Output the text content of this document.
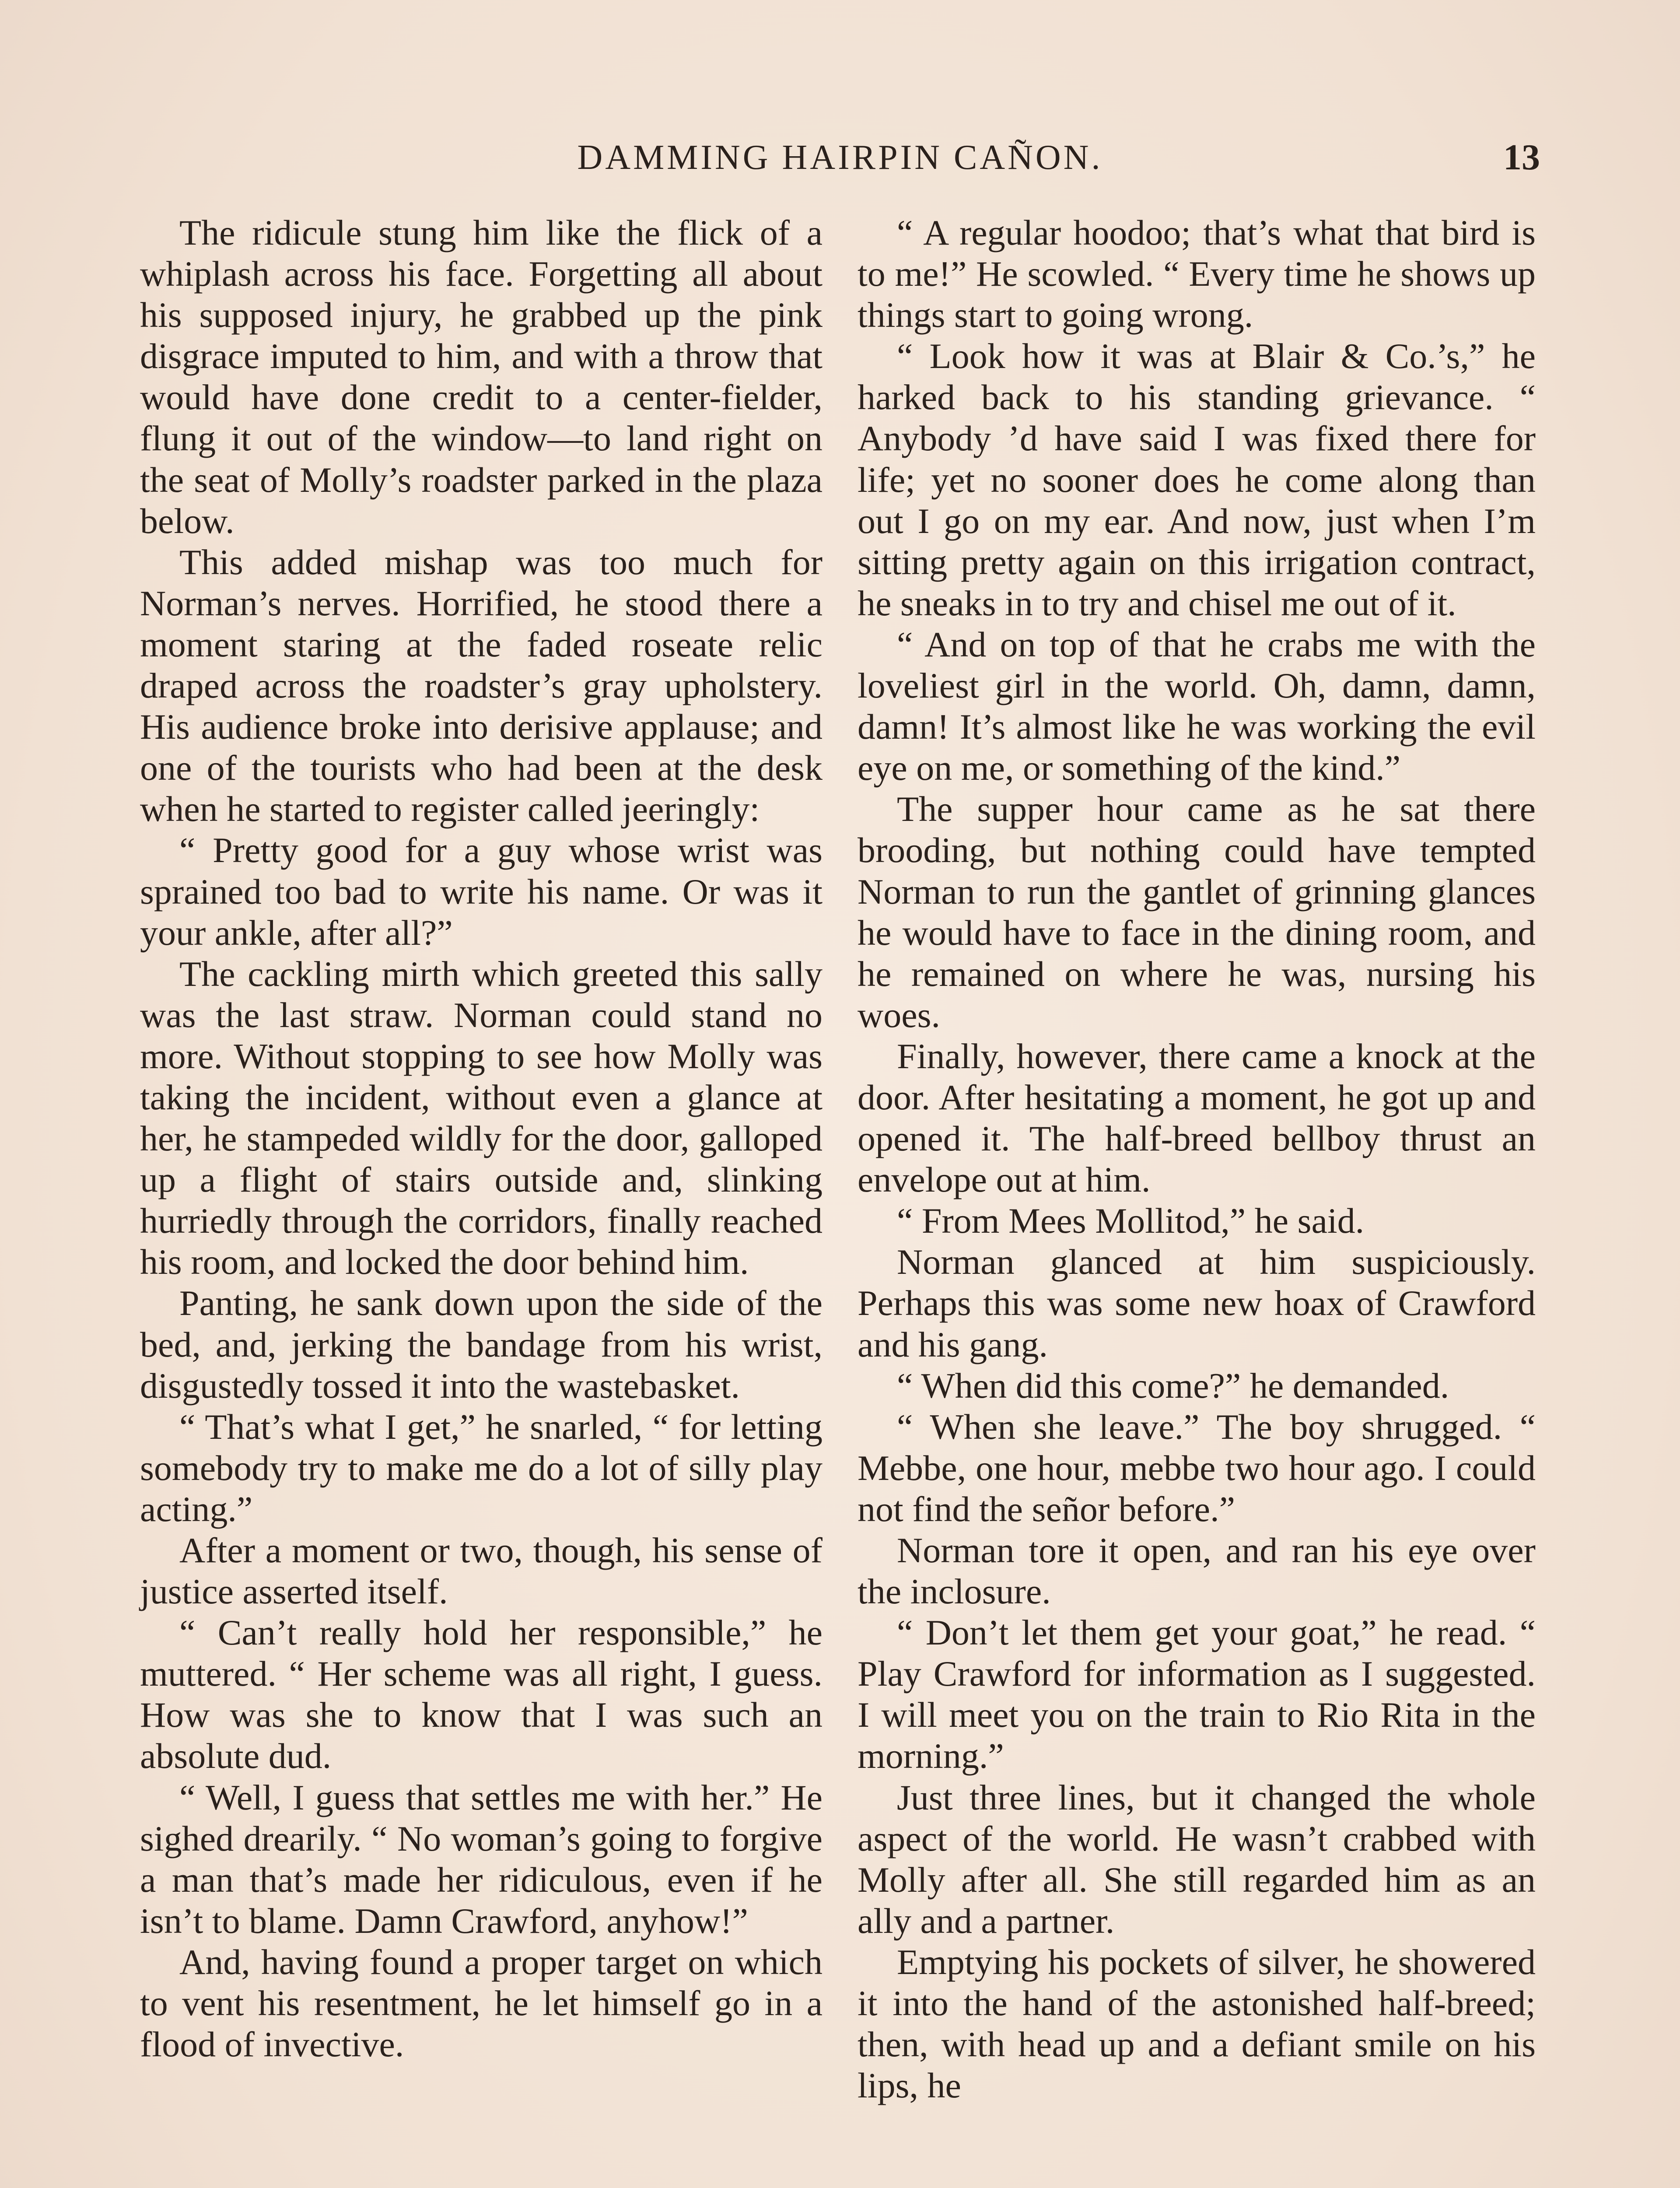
DAMMING HAIRPIN CAÑON.	13

The ridicule stung him like the flick of a whiplash across his face. Forgetting all about his supposed injury, he grabbed up the pink disgrace imputed to him, and with a throw that would have done credit to a center-fielder, flung it out of the window—to land right on the seat of Molly’s roadster parked in the plaza below.

This added mishap was too much for Norman’s nerves. Horrified, he stood there a moment staring at the faded roseate relic draped across the roadster’s gray upholstery. His audience broke into derisive applause; and one of the tourists who had been at the desk when he started to register called jeeringly:

“ Pretty good for a guy whose wrist was sprained too bad to write his name. Or was it your ankle, after all?”

The cackling mirth which greeted this sally was the last straw. Norman could stand no more. Without stopping to see how Molly was taking the incident, without even a glance at her, he stampeded wildly for the door, galloped up a flight of stairs outside and, slinking hurriedly through the corridors, finally reached his room, and locked the door behind him.

Panting, he sank down upon the side of the bed, and, jerking the bandage from his wrist, disgustedly tossed it into the wastebasket.

“ That’s what I get,” he snarled, “ for letting somebody try to make me do a lot of silly play acting.”

After a moment or two, though, his sense of justice asserted itself.

“ Can’t really hold her responsible,” he muttered. “ Her scheme was all right, I guess. How was she to know that I was such an absolute dud.

“ Well, I guess that settles me with her.” He sighed drearily. “ No woman’s going to forgive a man that’s made her ridiculous, even if he isn’t to blame. Damn Crawford, anyhow!”

And, having found a proper target on which to vent his resentment, he let himself go in a flood of invective.

“ A regular hoodoo; that’s what that bird is to me!” He scowled. “ Every time he shows up things start to going wrong.

“ Look how it was at Blair & Co.’s,” he harked back to his standing grievance. “ Anybody ’d have said I was fixed there for life; yet no sooner does he come along than out I go on my ear. And now, just when I’m sitting pretty again on this irrigation contract, he sneaks in to try and chisel me out of it.

“ And on top of that he crabs me with the loveliest girl in the world. Oh, damn, damn, damn! It’s almost like he was working the evil eye on me, or something of the kind.”

The supper hour came as he sat there brooding, but nothing could have tempted Norman to run the gantlet of grinning glances he would have to face in the dining room, and he remained on where he was, nursing his woes.

Finally, however, there came a knock at the door. After hesitating a moment, he got up and opened it. The half-breed bellboy thrust an envelope out at him.

“ From Mees Mollitod,” he said.

Norman glanced at him suspiciously. Perhaps this was some new hoax of Crawford and his gang.

“ When did this come?” he demanded.

“ When she leave.” The boy shrugged. “ Mebbe, one hour, mebbe two hour ago. I could not find the señor before.”

Norman tore it open, and ran his eye over the inclosure.

“ Don’t let them get your goat,” he read. “ Play Crawford for information as I suggested. I will meet you on the train to Rio Rita in the morning.”

Just three lines, but it changed the whole aspect of the world. He wasn’t crabbed with Molly after all. She still regarded him as an ally and a partner.

Emptying his pockets of silver, he showered it into the hand of the astonished half-breed; then, with head up and a defiant smile on his lips, he
